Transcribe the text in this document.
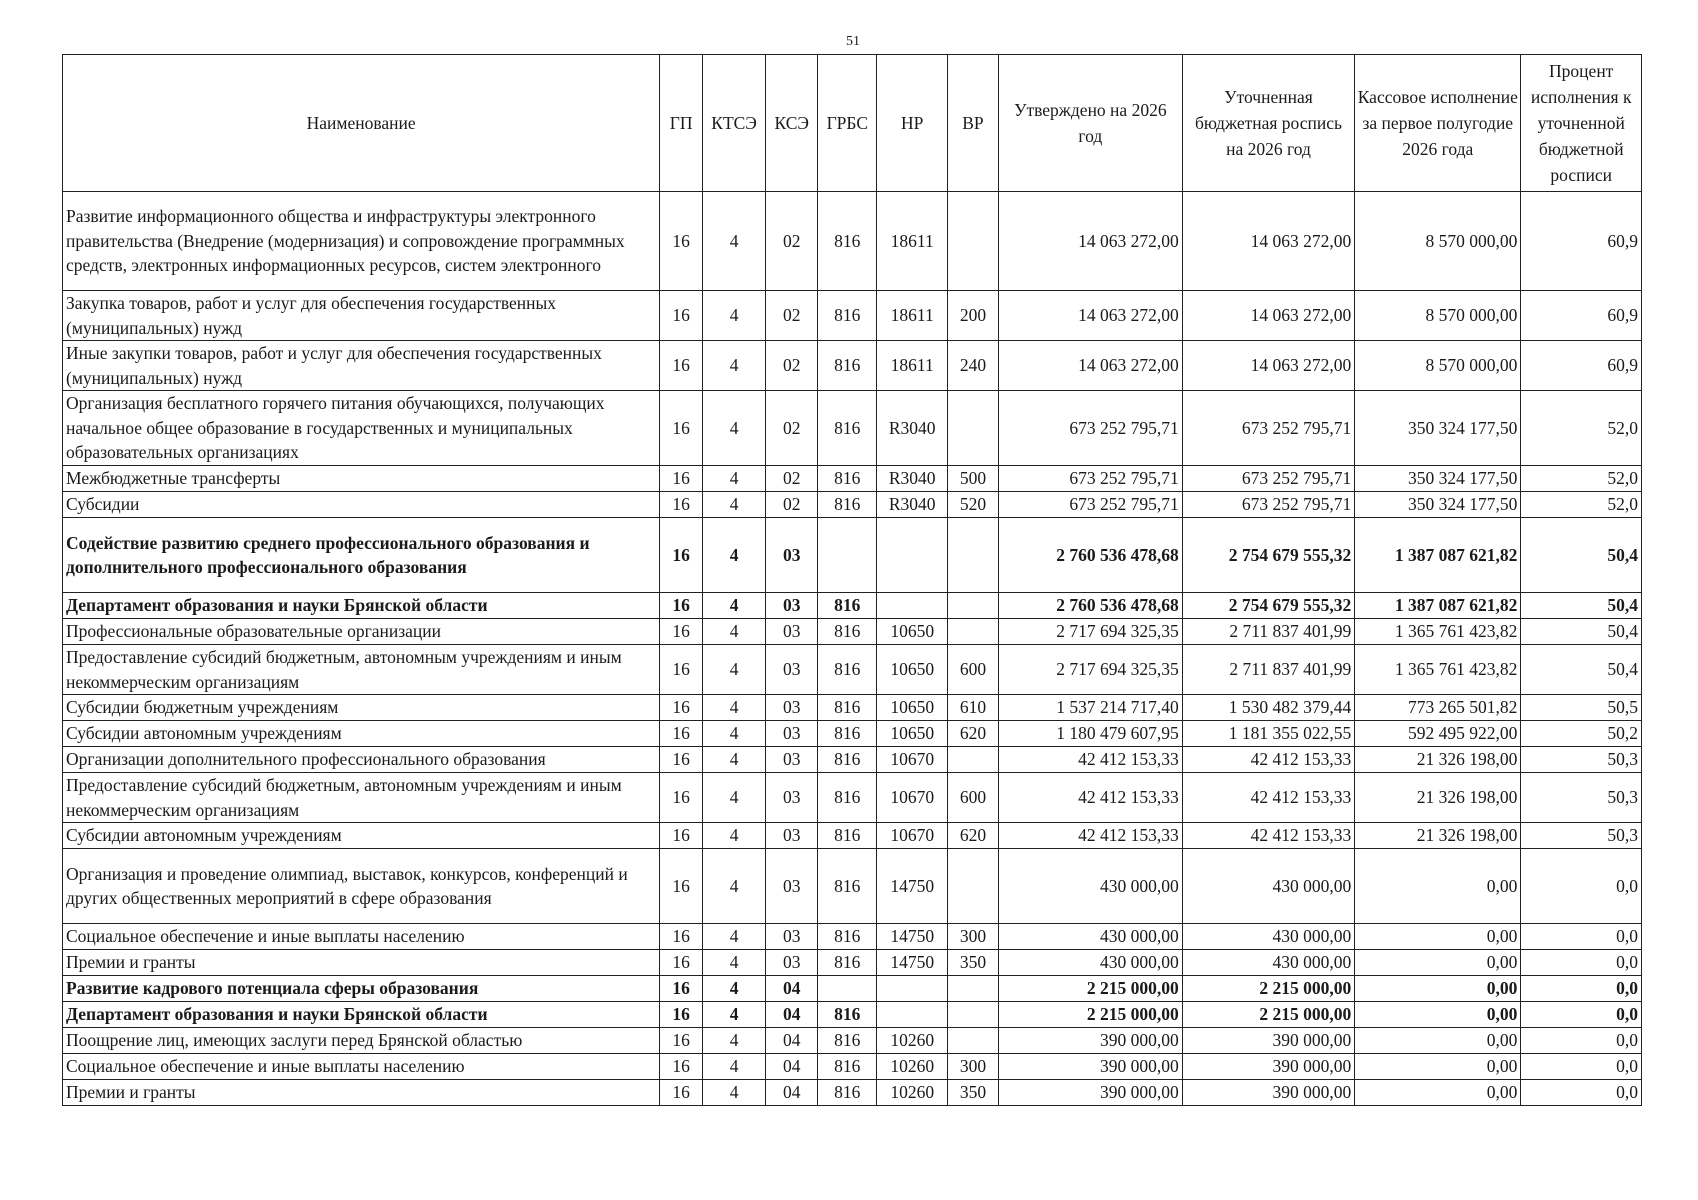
51
Наименование	ГП	КТСЭ	КСЭ	ГРБС	НР	ВР	Утверждено на 2026 год	Уточненная бюджетная роспись на 2026 год	Кассовое исполнение за первое полугодие 2026 года	Процент исполнения к уточненной бюджетной росписи

Развитие информационного общества и инфраструктуры электронного правительства (Внедрение (модернизация) и сопровождение программных средств, электронных информационных ресурсов, систем электронного	16	4	02	816	18611		14 063 272,00	14 063 272,00	8 570 000,00	60,9

Закупка товаров, работ и услуг для обеспечения государственных (муниципальных) нужд	16	4	02	816	18611	200	14 063 272,00	14 063 272,00	8 570 000,00	60,9

Иные закупки товаров, работ и услуг для обеспечения государственных (муниципальных) нужд	16	4	02	816	18611	240	14 063 272,00	14 063 272,00	8 570 000,00	60,9

Организация бесплатного горячего питания обучающихся, получающих начальное общее образование в государственных и муниципальных образовательных организациях	16	4	02	816	R3040		673 252 795,71	673 252 795,71	350 324 177,50	52,0

Межбюджетные трансферты	16	4	02	816	R3040	500	673 252 795,71	673 252 795,71	350 324 177,50	52,0

Субсидии	16	4	02	816	R3040	520	673 252 795,71	673 252 795,71	350 324 177,50	52,0

Содействие развитию среднего профессионального образования и дополнительного профессионального образования	16	4	03				2 760 536 478,68	2 754 679 555,32	1 387 087 621,82	50,4

Департамент образования и науки Брянской области	16	4	03	816			2 760 536 478,68	2 754 679 555,32	1 387 087 621,82	50,4

Профессиональные образовательные организации	16	4	03	816	10650		2 717 694 325,35	2 711 837 401,99	1 365 761 423,82	50,4

Предоставление субсидий бюджетным, автономным учреждениям и иным некоммерческим организациям	16	4	03	816	10650	600	2 717 694 325,35	2 711 837 401,99	1 365 761 423,82	50,4

Субсидии бюджетным учреждениям	16	4	03	816	10650	610	1 537 214 717,40	1 530 482 379,44	773 265 501,82	50,5

Субсидии автономным учреждениям	16	4	03	816	10650	620	1 180 479 607,95	1 181 355 022,55	592 495 922,00	50,2

Организации дополнительного профессионального образования	16	4	03	816	10670		42 412 153,33	42 412 153,33	21 326 198,00	50,3

Предоставление субсидий бюджетным, автономным учреждениям и иным некоммерческим организациям	16	4	03	816	10670	600	42 412 153,33	42 412 153,33	21 326 198,00	50,3

Субсидии автономным учреждениям	16	4	03	816	10670	620	42 412 153,33	42 412 153,33	21 326 198,00	50,3

Организация и проведение олимпиад, выставок, конкурсов, конференций и других общественных мероприятий в сфере образования	16	4	03	816	14750		430 000,00	430 000,00	0,00	0,0

Социальное обеспечение и иные выплаты населению	16	4	03	816	14750	300	430 000,00	430 000,00	0,00	0,0

Премии и гранты	16	4	03	816	14750	350	430 000,00	430 000,00	0,00	0,0

Развитие кадрового потенциала сферы образования	16	4	04				2 215 000,00	2 215 000,00	0,00	0,0

Департамент образования и науки Брянской области	16	4	04	816			2 215 000,00	2 215 000,00	0,00	0,0

Поощрение лиц, имеющих заслуги перед Брянской областью	16	4	04	816	10260		390 000,00	390 000,00	0,00	0,0

Социальное обеспечение и иные выплаты населению	16	4	04	816	10260	300	390 000,00	390 000,00	0,00	0,0

Премии и гранты	16	4	04	816	10260	350	390 000,00	390 000,00	0,00	0,0
